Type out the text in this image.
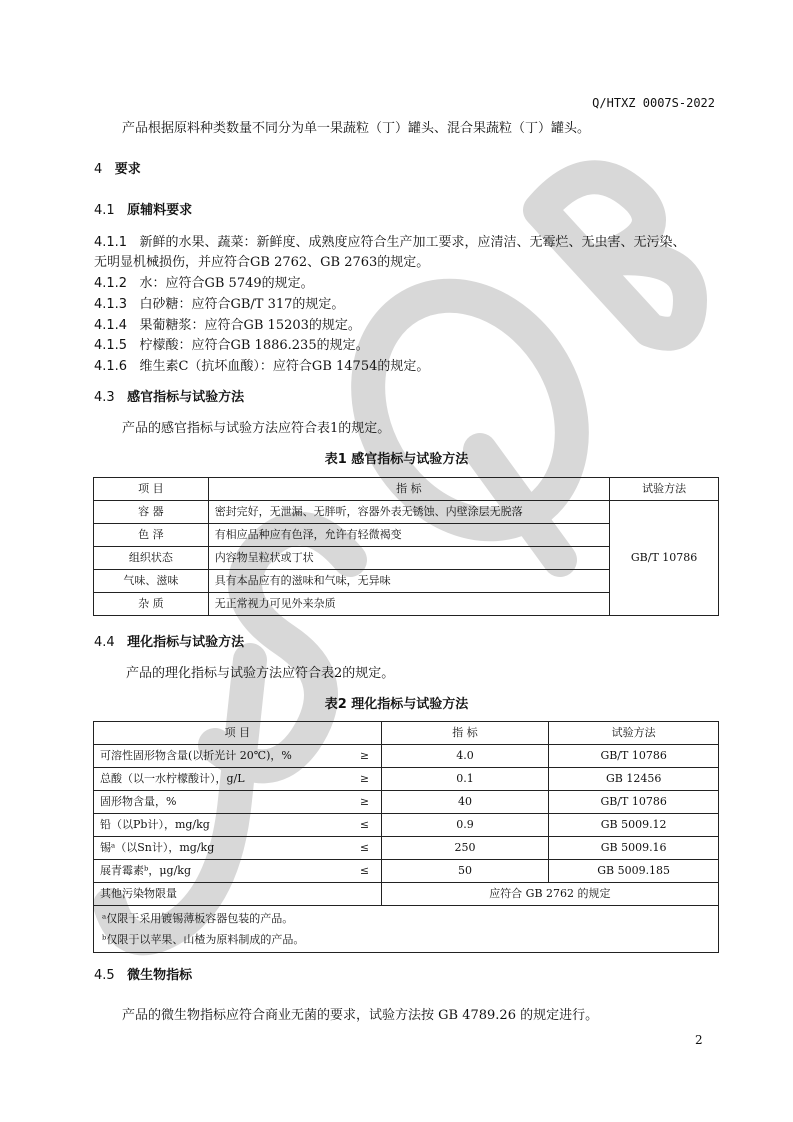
Q/HTXZ 0007S-2022
产品根据原料种类数量不同分为单一果蔬粒（丁）罐头、混合果蔬粒（丁）罐头。
4 要求
4.1 原辅料要求
4.1.1 新鲜的水果、蔬菜：新鲜度、成熟度应符合生产加工要求，应清洁、无霉烂、无虫害、无污染、
无明显机械损伤，并应符合GB 2762、GB 2763的规定。
4.1.2 水：应符合GB 5749的规定。
4.1.3 白砂糖：应符合GB/T 317的规定。
4.1.4 果葡糖浆：应符合GB 15203的规定。
4.1.5 柠檬酸：应符合GB 1886.235的规定。
4.1.6 维生素C（抗坏血酸）：应符合GB 14754的规定。
4.3 感官指标与试验方法
产品的感官指标与试验方法应符合表1的规定。
表1 感官指标与试验方法
项 目	指 标	试验方法
容 器	密封完好，无泄漏、无胖听，容器外表无锈蚀、内壁涂层无脱落	GB/T 10786
色 泽	有相应品种应有色泽，允许有轻微褐变	
组织状态	内容物呈粒状或丁状	
气味、滋味	具有本品应有的滋味和气味，无异味	
杂 质	无正常视力可见外来杂质	
4.4 理化指标与试验方法
产品的理化指标与试验方法应符合表2的规定。
表2 理化指标与试验方法
项 目		指 标	试验方法
可溶性固形物含量(以折光计 20℃)，%	≥	4.0	GB/T 10786
总酸（以一水柠檬酸计），g/L	≥	0.1	GB 12456
固形物含量，%	≥	40	GB/T 10786
铅（以Pb计），mg/kg	≤	0.9	GB 5009.12
锡ᵃ（以Sn计），mg/kg	≤	250	GB 5009.16
展青霉素ᵇ，μg/kg	≤	50	GB 5009.185
其他污染物限量		应符合 GB 2762 的规定	

ᵃ仅限于采用镀锡薄板容器包装的产品。
ᵇ仅限于以苹果、山楂为原料制成的产品。			
4.5 微生物指标
产品的微生物指标应符合商业无菌的要求，试验方法按 GB 4789.26 的规定进行。
2
